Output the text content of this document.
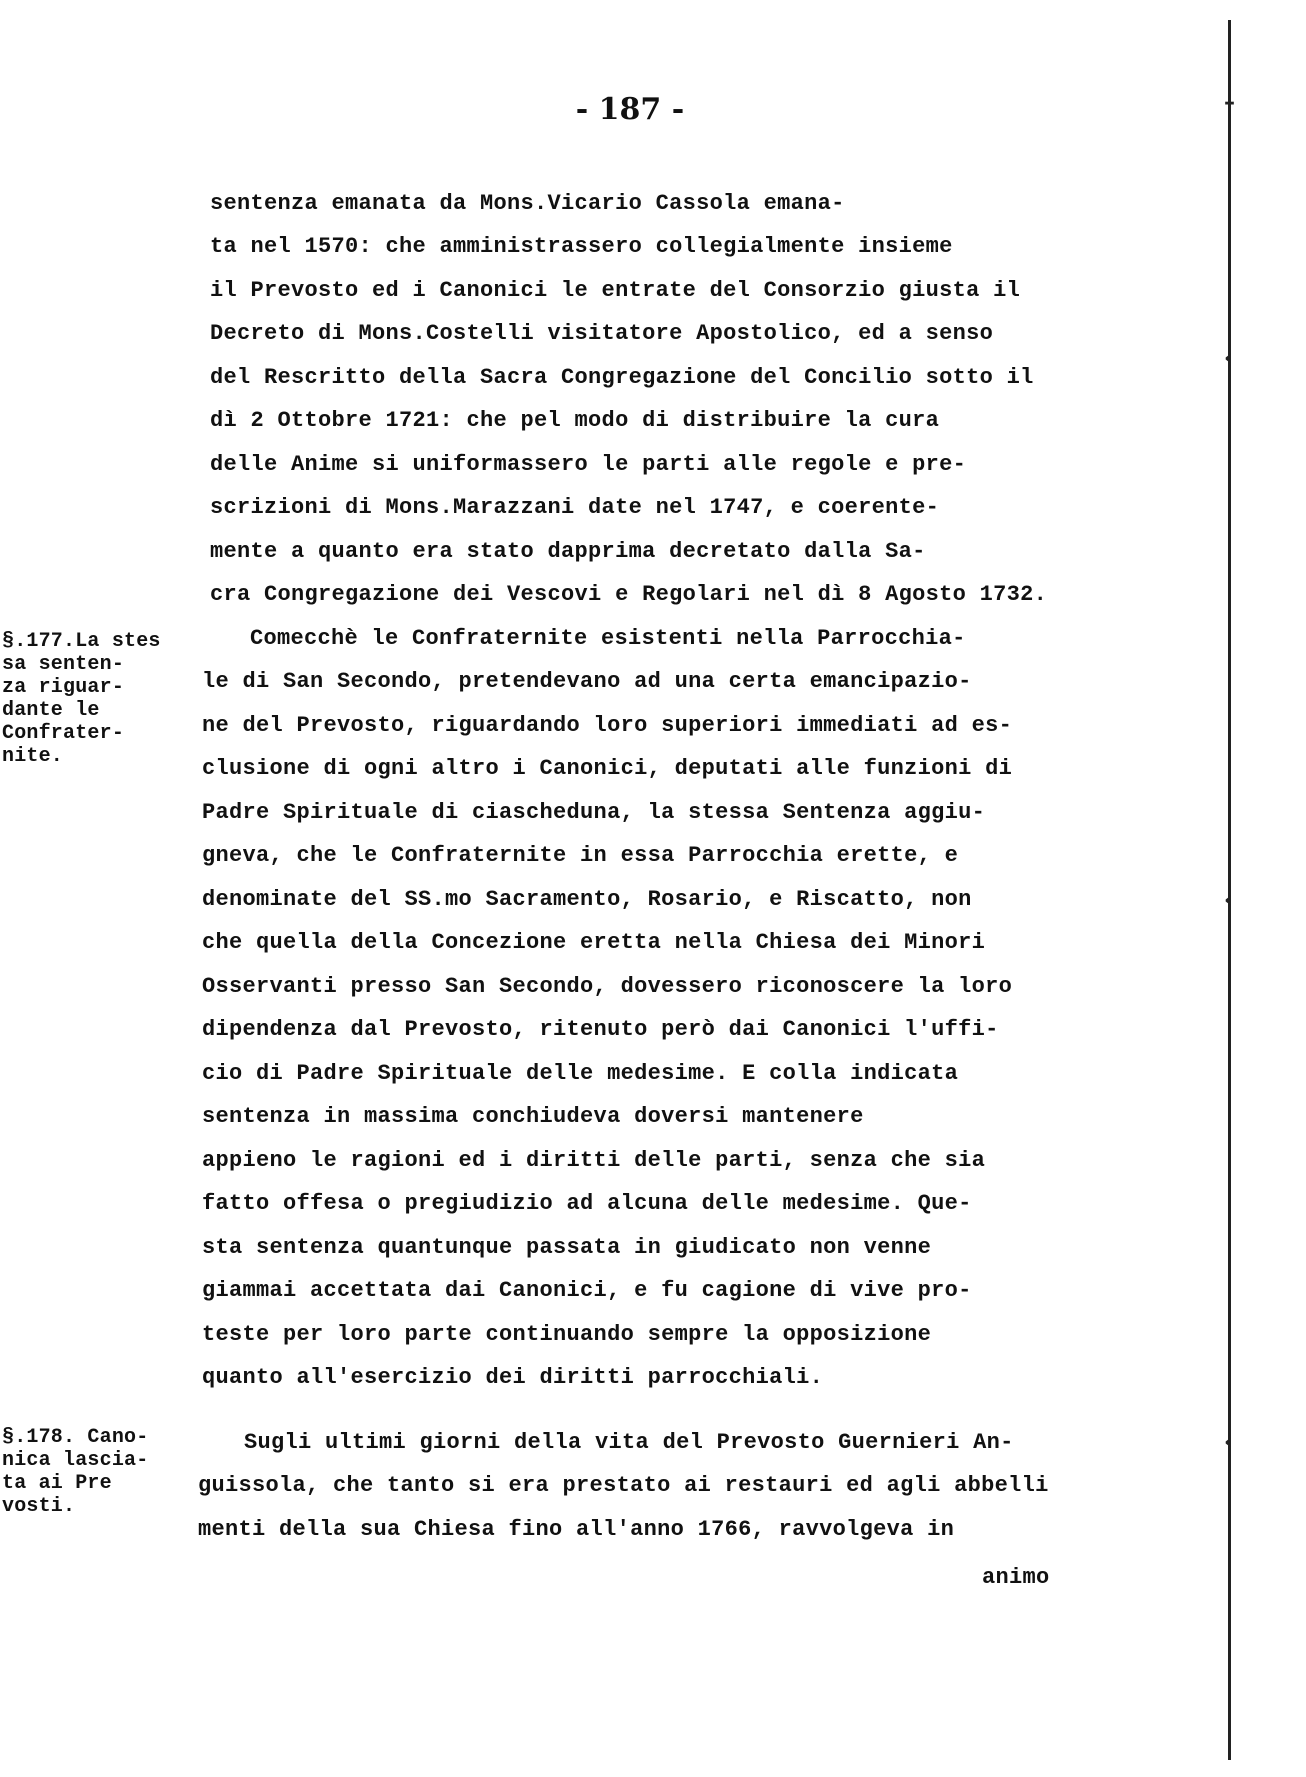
- 187 -
sentenza emanata da Mons.Vicario Cassola emana-
ta nel 1570: che amministrassero collegialmente insieme
il Prevosto ed i Canonici le entrate del Consorzio giusta il
Decreto di Mons.Costelli visitatore Apostolico, ed a senso
del Rescritto della Sacra Congregazione del Concilio sotto il
dì 2 Ottobre 1721: che pel modo di distribuire la cura
delle Anime si uniformassero le parti alle regole e pre-
scrizioni di Mons.Marazzani date nel 1747, e coerente-
mente a quanto era stato dapprima decretato dalla Sa-
cra Congregazione dei Vescovi e Regolari nel dì 8 Agosto 1732.
Comecchè le Confraternite esistenti nella Parrocchia-
le di San Secondo, pretendevano ad una certa emancipazio-
ne del Prevosto, riguardando loro superiori immediati ad es-
clusione di ogni altro i Canonici, deputati alle funzioni di
Padre Spirituale di ciascheduna, la stessa Sentenza aggiu-
gneva, che le Confraternite in essa Parrocchia erette, e
denominate del SS.mo Sacramento, Rosario, e Riscatto, non
che quella della Concezione eretta nella Chiesa dei Minori
Osservanti presso San Secondo, dovessero riconoscere la loro
dipendenza dal Prevosto, ritenuto però dai Canonici l'uffi-
cio di Padre Spirituale delle medesime. E colla indicata
sentenza in massima conchiudeva doversi mantenere
appieno le ragioni ed i diritti delle parti, senza che sia
fatto offesa o pregiudizio ad alcuna delle medesime. Que-
sta sentenza quantunque passata in giudicato non venne
giammai accettata dai Canonici, e fu cagione di vive pro-
teste per loro parte continuando sempre la opposizione
quanto all'esercizio dei diritti parrocchiali.
Sugli ultimi giorni della vita del Prevosto Guernieri An-
guissola, che tanto si era prestato ai restauri ed agli abbelli
menti della sua Chiesa fino all'anno 1766, ravvolgeva in
animo
§.177.La stes
sa senten-
za riguar-
dante le
Confrater-
nite.
§.178. Cano-
nica lascia-
ta ai Pre
vosti.
–
‹
‹
‹
